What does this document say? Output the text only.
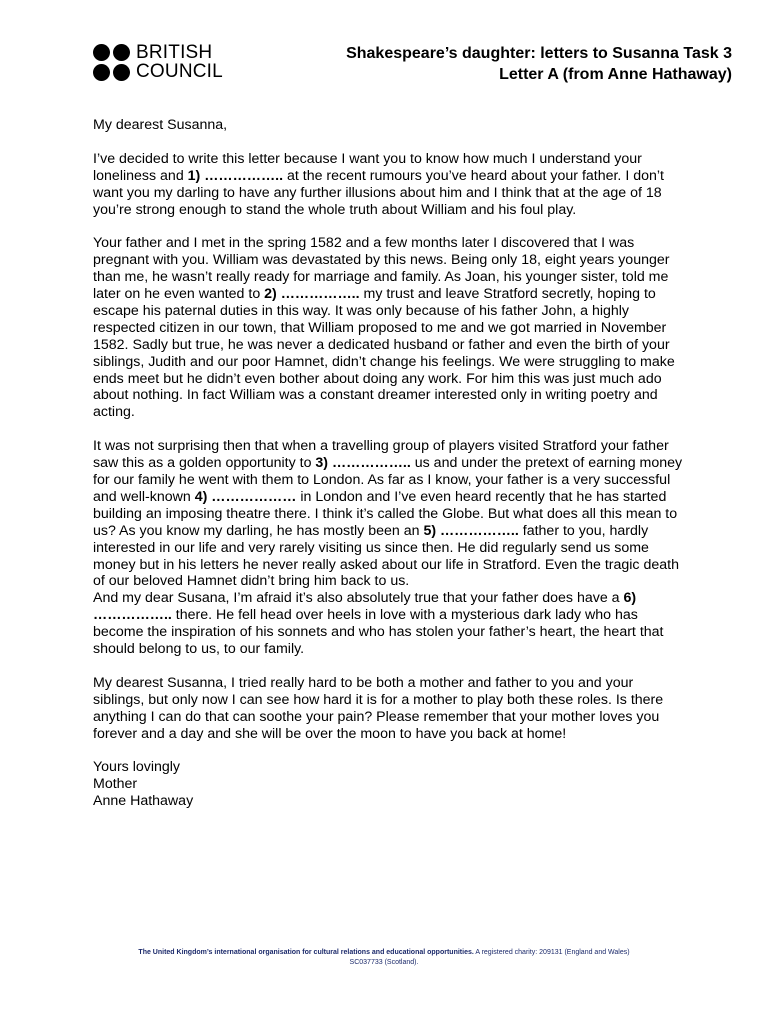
BRITISH
COUNCIL
Shakespeare’s daughter: letters to Susanna Task 3
Letter A (from Anne Hathaway)

My dearest Susanna,

I’ve decided to write this letter because I want you to know how much I understand your loneliness and 1) …………….. at the recent rumours you’ve heard about your father. I don’t want you my darling to have any further illusions about him and I think that at the age of 18 you’re strong enough to stand the whole truth about William and his foul play.

Your father and I met in the spring 1582 and a few months later I discovered that I was pregnant with you. William was devastated by this news. Being only 18, eight years younger than me, he wasn’t really ready for marriage and family. As Joan, his younger sister, told me later on he even wanted to 2) …………….. my trust and leave Stratford secretly, hoping to escape his paternal duties in this way. It was only because of his father John, a highly respected citizen in our town, that William proposed to me and we got married in November 1582. Sadly but true, he was never a dedicated husband or father and even the birth of your siblings, Judith and our poor Hamnet, didn’t change his feelings. We were struggling to make ends meet but he didn’t even bother about doing any work. For him this was just much ado about nothing. In fact William was a constant dreamer interested only in writing poetry and acting.

It was not surprising then that when a travelling group of players visited Stratford your father saw this as a golden opportunity to 3) …………….. us and under the pretext of earning money for our family he went with them to London. As far as I know, your father is a very successful and well-known 4) ……………… in London and I’ve even heard recently that he has started building an imposing theatre there. I think it’s called the Globe. But what does all this mean to us? As you know my darling, he has mostly been an 5) …………….. father to you, hardly interested in our life and very rarely visiting us since then. He did regularly send us some money but in his letters he never really asked about our life in Stratford. Even the tragic death of our beloved Hamnet didn’t bring him back to us.

And my dear Susana, I’m afraid it’s also absolutely true that your father does have a 6) …………….. there. He fell head over heels in love with a mysterious dark lady who has become the inspiration of his sonnets and who has stolen your father’s heart, the heart that should belong to us, to our family.

My dearest Susanna, I tried really hard to be both a mother and father to you and your siblings, but only now I can see how hard it is for a mother to play both these roles. Is there anything I can do that can soothe your pain? Please remember that your mother loves you forever and a day and she will be over the moon to have you back at home!

Yours lovingly
Mother
Anne Hathaway
The United Kingdom’s international organisation for cultural relations and educational opportunities. A registered charity: 209131 (England and Wales)
SC037733 (Scotland).
